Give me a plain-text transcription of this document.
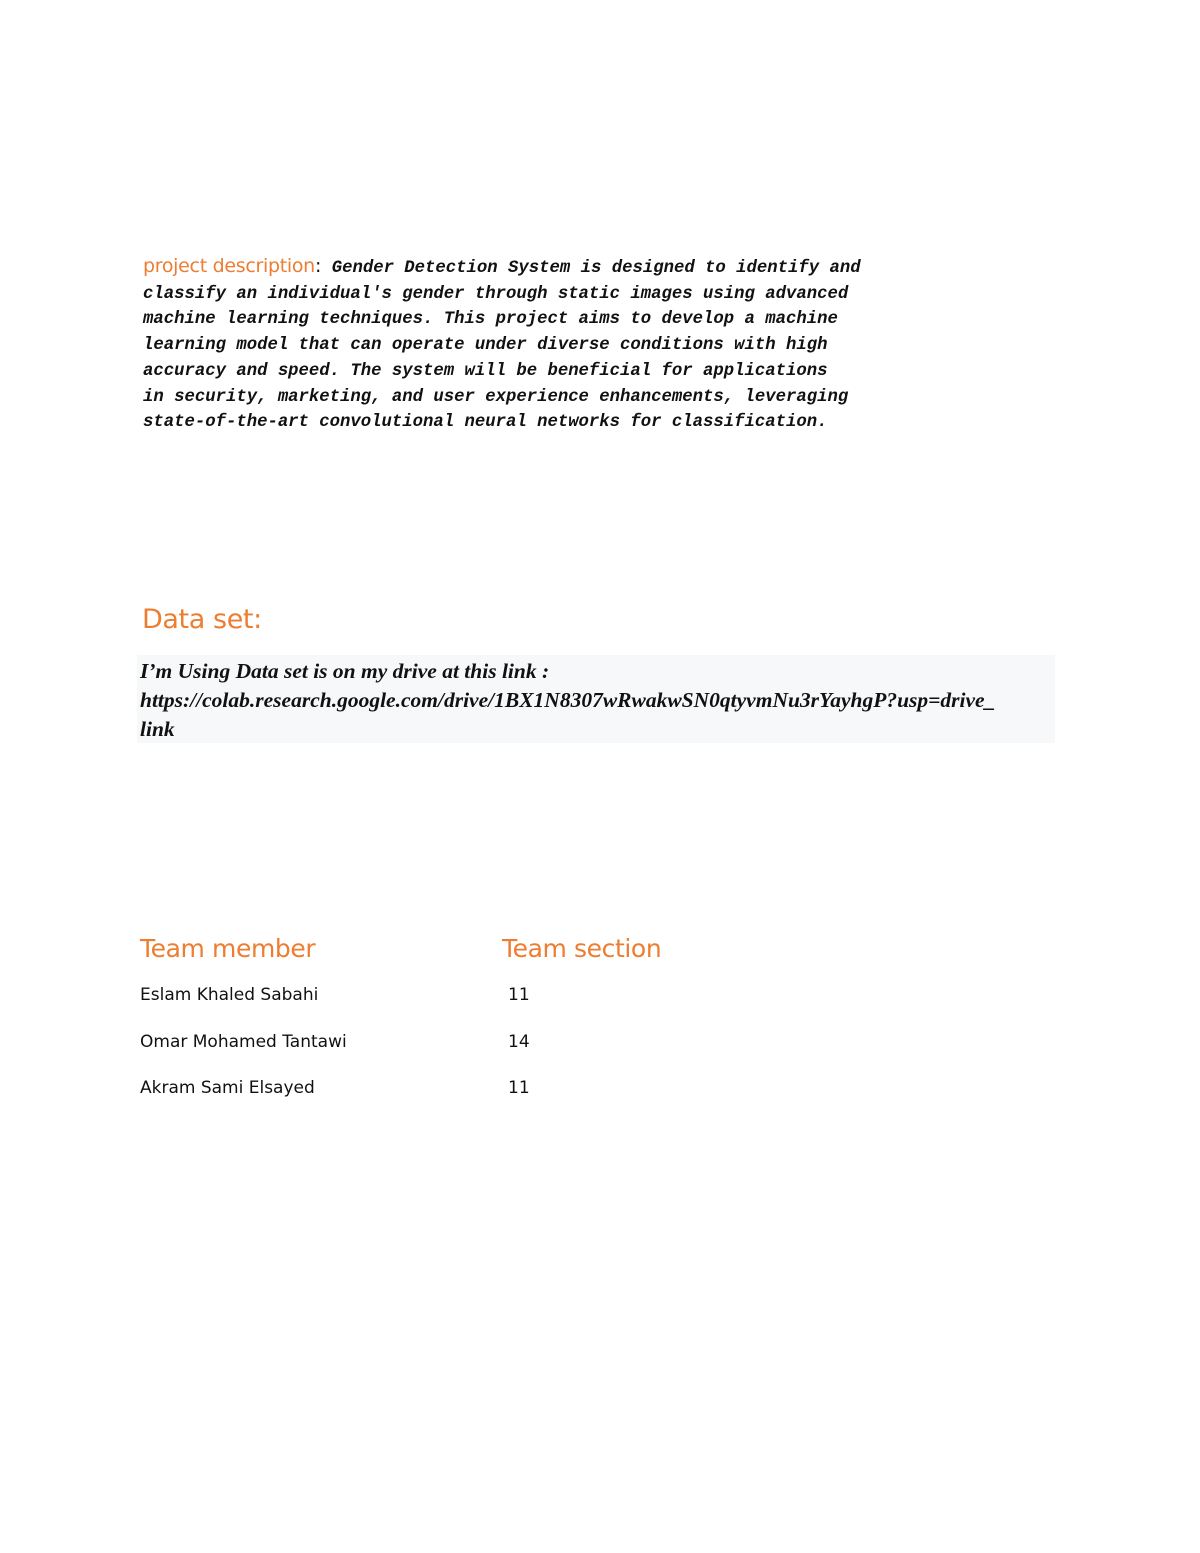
project description: Gender Detection System is designed to identify and
classify an individual's gender through static images using advanced
machine learning techniques. This project aims to develop a machine
learning model that can operate under diverse conditions with high
accuracy and speed. The system will be beneficial for applications
in security, marketing, and user experience enhancements, leveraging
state-of-the-art convolutional neural networks for classification.
Data set:
I’m Using Data set is on my drive at this link :
https://colab.research.google.com/drive/1BX1N8307wRwakwSN0qtyvmNu3rYayhgP?usp=drive_link
Team member	Team section
Eslam Khaled Sabahi	11
Omar Mohamed Tantawi	14
Akram Sami Elsayed	11
